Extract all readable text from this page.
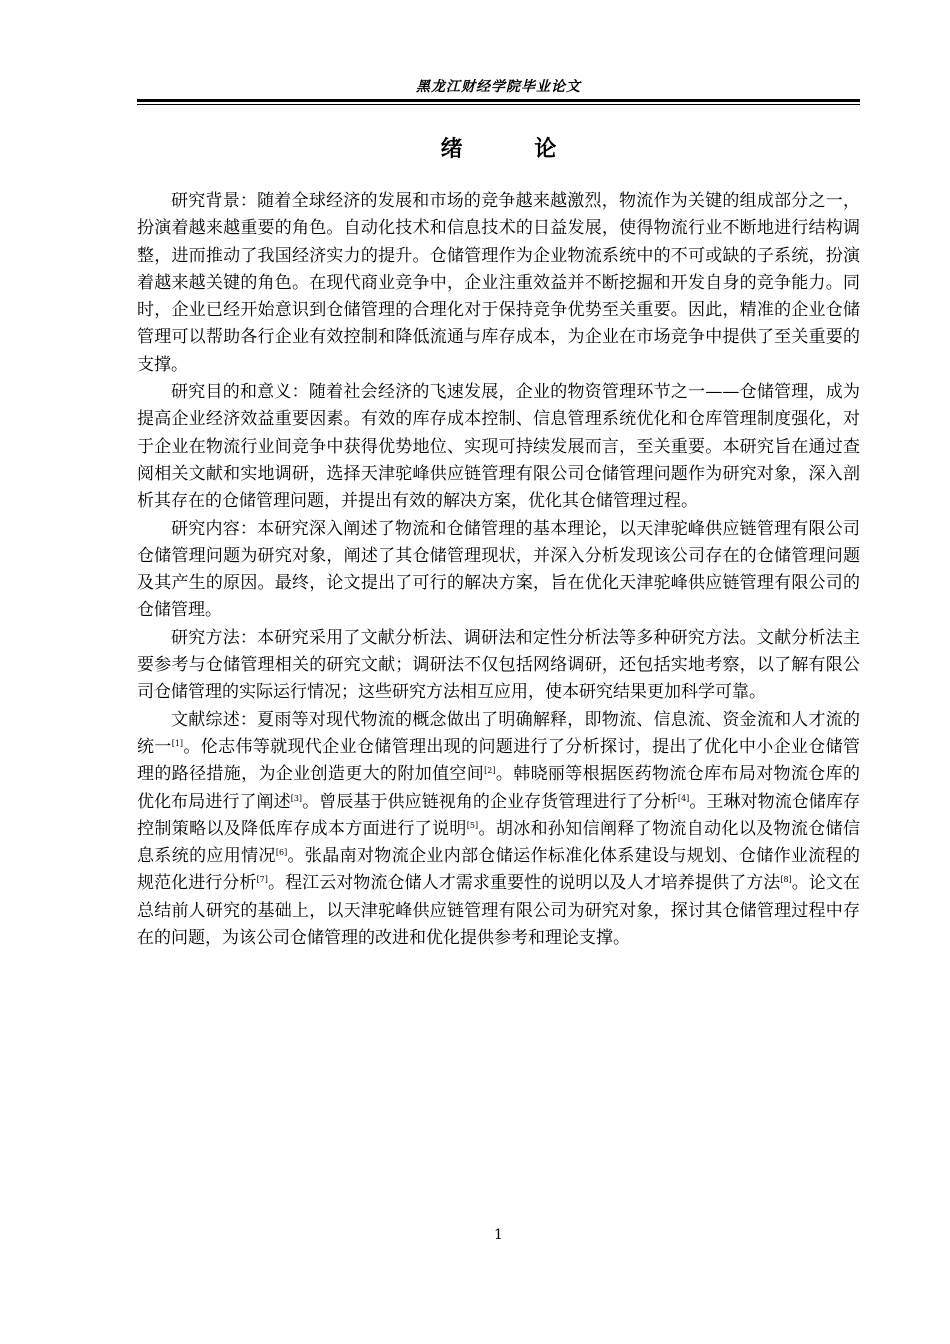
黑龙江财经学院毕业论文
绪 论

研究背景：随着全球经济的发展和市场的竞争越来越激烈，物流作为关键的组成部分之一，扮演着越来越重要的角色。自动化技术和信息技术的日益发展，使得物流行业不断地进行结构调整，进而推动了我国经济实力的提升。仓储管理作为企业物流系统中的不可或缺的子系统，扮演着越来越关键的角色。在现代商业竞争中，企业注重效益并不断挖掘和开发自身的竞争能力。同时，企业已经开始意识到仓储管理的合理化对于保持竞争优势至关重要。因此，精准的企业仓储管理可以帮助各行企业有效控制和降低流通与库存成本，为企业在市场竞争中提供了至关重要的支撑。

研究目的和意义：随着社会经济的飞速发展，企业的物资管理环节之一——仓储管理，成为提高企业经济效益重要因素。有效的库存成本控制、信息管理系统优化和仓库管理制度强化，对于企业在物流行业间竞争中获得优势地位、实现可持续发展而言，至关重要。本研究旨在通过查阅相关文献和实地调研，选择天津驼峰供应链管理有限公司仓储管理问题作为研究对象，深入剖析其存在的仓储管理问题，并提出有效的解决方案，优化其仓储管理过程。

研究内容：本研究深入阐述了物流和仓储管理的基本理论，以天津驼峰供应链管理有限公司仓储管理问题为研究对象，阐述了其仓储管理现状，并深入分析发现该公司存在的仓储管理问题及其产生的原因。最终，论文提出了可行的解决方案，旨在优化天津驼峰供应链管理有限公司的仓储管理。

研究方法：本研究采用了文献分析法、调研法和定性分析法等多种研究方法。文献分析法主要参考与仓储管理相关的研究文献；调研法不仅包括网络调研，还包括实地考察，以了解有限公司仓储管理的实际运行情况；这些研究方法相互应用，使本研究结果更加科学可靠。

文献综述：夏雨等对现代物流的概念做出了明确解释，即物流、信息流、资金流和人才流的统一[1]。伦志伟等就现代企业仓储管理出现的问题进行了分析探讨，提出了优化中小企业仓储管理的路径措施，为企业创造更大的附加值空间[2]。韩晓丽等根据医药物流仓库布局对物流仓库的优化布局进行了阐述[3]。曾辰基于供应链视角的企业存货管理进行了分析[4]。王琳对物流仓储库存控制策略以及降低库存成本方面进行了说明[5]。胡冰和孙知信阐释了物流自动化以及物流仓储信息系统的应用情况[6]。张晶南对物流企业内部仓储运作标准化体系建设与规划、仓储作业流程的规范化进行分析[7]。程江云对物流仓储人才需求重要性的说明以及人才培养提供了方法[8]。论文在总结前人研究的基础上，以天津驼峰供应链管理有限公司为研究对象，探讨其仓储管理过程中存在的问题，为该公司仓储管理的改进和优化提供参考和理论支撑。

1
